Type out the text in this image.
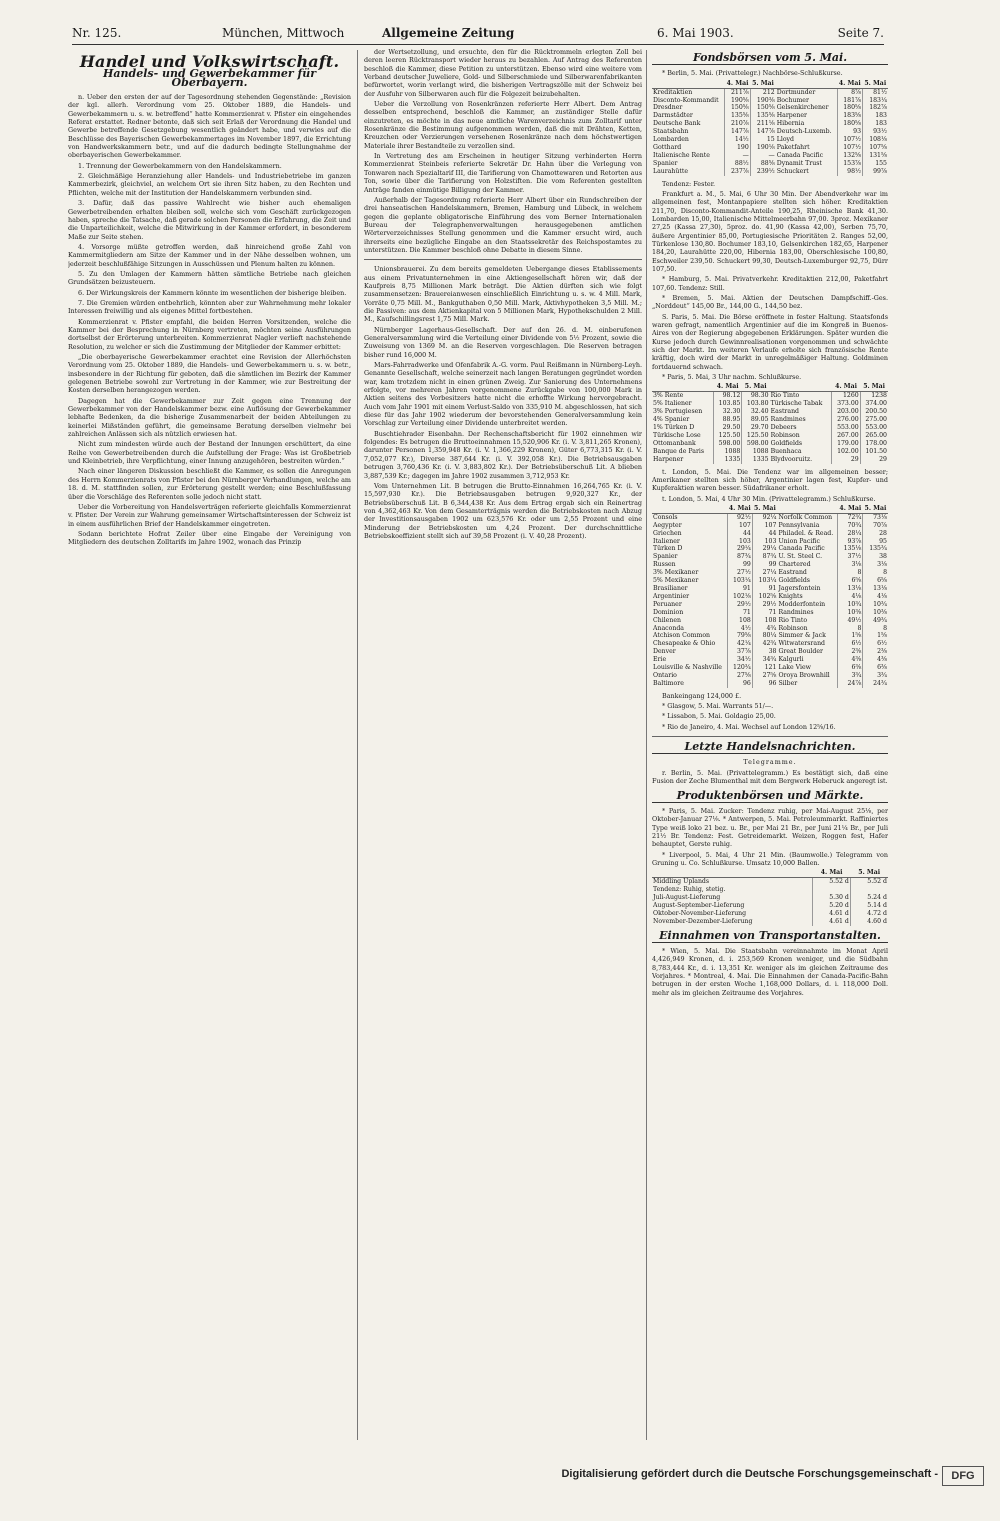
Nr. 125.	München, Mittwoch	Allgemeine Zeitung	6. Mai 1903.	Seite 7.
Handel und Volkswirtschaft.
Handels- und Gewerbekammer für Oberbayern.

n. Ueber den ersten der auf der Tagesordnung stehenden Gegenstände: „Revision der kgl. allerh. Verordnung vom 25. Oktober 1889, die Handels- und Gewerbekammern u. s. w. betreffend“ hatte Kommerzienrat v. Pfister ein eingehendes Referat erstattet. Redner betonte, daß sich seit Erlaß der Verordnung die Handel und Gewerbe betreffende Gesetzgebung wesentlich geändert habe, und verwies auf die Beschlüsse des Bayerischen Gewerbekammertages im November 1897, die Errichtung von Handwerkskammern betr., und auf die dadurch bedingte Stellungnahme der oberbayerischen Gewerbekammer.

1. Trennung der Gewerbekammern von den Handelskammern.

2. Gleichmäßige Heranziehung aller Handels- und Industriebetriebe im ganzen Kammerbezirk, gleichviel, an welchem Ort sie ihren Sitz haben, zu den Rechten und Pflichten, welche mit der Institution der Handelskammern verbunden sind.

3. Dafür, daß das passive Wahlrecht wie bisher auch ehemaligen Gewerbetreibenden erhalten bleiben soll, welche sich vom Geschäft zurückgezogen haben, spreche die Tatsache, daß gerade solchen Personen die Erfahrung, die Zeit und die Unparteilichkeit, welche die Mitwirkung in der Kammer erfordert, in besonderem Maße zur Seite stehen.

4. Vorsorge müßte getroffen werden, daß hinreichend große Zahl von Kammermitgliedern am Sitze der Kammer und in der Nähe desselben wohnen, um jederzeit beschlußfähige Sitzungen in Ausschüssen und Plenum halten zu können.

5. Zu den Umlagen der Kammern hätten sämtliche Betriebe nach gleichen Grundsätzen beizusteuern.

6. Der Wirkungskreis der Kammern könnte im wesentlichen der bisherige bleiben.

7. Die Gremien würden entbehrlich, könnten aber zur Wahrnehmung mehr lokaler Interessen freiwillig und als eigenes Mittel fortbestehen.

Kommerzienrat v. Pfister empfahl, die beiden Herren Vorsitzenden, welche die Kammer bei der Besprechung in Nürnberg vertreten, möchten seine Ausführungen dortselbst der Erörterung unterbreiten. Kommerzienrat Nagler verlieft nachstehende Resolution, zu welcher er sich die Zustimmung der Mitglieder der Kammer erbittet:

„Die oberbayerische Gewerbekammer erachtet eine Revision der Allerhöchsten Verordnung vom 25. Oktober 1889, die Handels- und Gewerbekammern u. s. w. betr., insbesondere in der Richtung für geboten, daß die sämtlichen im Bezirk der Kammer gelegenen Betriebe sowohl zur Vertretung in der Kammer, wie zur Bestreitung der Kosten derselben herangezogen werden.

Dagegen hat die Gewerbekammer zur Zeit gegen eine Trennung der Gewerbekammer von der Handelskammer bezw. eine Auflösung der Gewerbekammer lebhafte Bedenken, da die bisherige Zusammenarbeit der beiden Abteilungen zu keinerlei Mißständen geführt, die gemeinsame Beratung derselben vielmehr bei zahlreichen Anlässen sich als nützlich erwiesen hat.

Nicht zum mindesten würde auch der Bestand der Innungen erschüttert, da eine Reihe von Gewerbetreibenden durch die Aufstellung der Frage: Was ist Großbetrieb und Kleinbetrieb, ihre Verpflichtung, einer Innung anzugehören, bestreiten würden.“

Nach einer längeren Diskussion beschließt die Kammer, es sollen die Anregungen des Herrn Kommerzienrats von Pfister bei den Nürnberger Verhandlungen, welche am 18. d. M. stattfinden sollen, zur Erörterung gestellt werden; eine Beschlußfassung über die Vorschläge des Referenten solle jedoch nicht statt.

Ueber die Vorbereitung von Handelsverträgen referierte gleichfalls Kommerzienrat v. Pfister. Der Verein zur Wahrung gemeinsamer Wirtschaftsinteressen der Schweiz ist in einem ausführlichen Brief der Handelskammer eingetreten.

Sodann berichtete Hofrat Zeiler über eine Eingabe der Vereinigung von Mitgliedern des deutschen Zolltarifs im Jahre 1902, wonach das Prinzip

der Wertsetzollung, und ersuchte, den für die Rücktrommeln erlegten Zoll bei deren leeren Rücktransport wieder heraus zu bezahlen. Auf Antrag des Referenten beschloß die Kammer, diese Petition zu unterstützen. Ebenso wird eine weitere vom Verband deutscher Juweliere, Gold- und Silberschmiede und Silberwarenfabrikanten befürwortet, worin verlangt wird, die bisherigen Vertragszölle mit der Schweiz bei der Ausfuhr von Silberwaren auch für die Folgezeit beizubehalten.

Ueber die Verzollung von Rosenkränzen referierte Herr Albert. Dem Antrag desselben entsprechend, beschloß die Kammer, an zuständiger Stelle dafür einzutreten, es möchte in das neue amtliche Warenverzeichnis zum Zolltarif unter Rosenkränze die Bestimmung aufgenommen werden, daß die mit Drähten, Ketten, Kreuzchen oder Verzierungen versehenen Rosenkränze nach dem höchstwertigen Materiale ihrer Bestandteile zu verzollen sind.

In Vertretung des am Erscheinen in heutiger Sitzung verhinderten Herrn Kommerzienrat Steinbeis referierte Sekretär Dr. Hahn über die Verlegung von Tonwaren nach Spezialtarif III, die Tarifierung von Chamottewaren und Retorten aus Ton, sowie über die Tarifierung von Holzstiften. Die vom Referenten gestellten Anträge fanden einmütige Billigung der Kammer.

Außerhalb der Tagesordnung referierte Herr Albert über ein Rundschreiben der drei hanseatischen Handelskammern, Bremen, Hamburg und Lübeck, in welchem gegen die geplante obligatorische Einführung des vom Berner Internationalen Bureau der Telegraphenverwaltungen herausgegebenen amtlichen Wörterverzeichnisses Stellung genommen und die Kammer ersucht wird, auch ihrerseits eine bezügliche Eingabe an den Staatssekretär des Reichspostamtes zu unterstützen. Die Kammer beschloß ohne Debatte in diesem Sinne.

Unionsbrauerei. Zu dem bereits gemeldeten Uebergange dieses Etablissements aus einem Privatunternehmen in eine Aktiengesellschaft hören wir, daß der Kaufpreis 8,75 Millionen Mark beträgt. Die Aktien dürften sich wie folgt zusammensetzen: Brauereianwesen einschließlich Einrichtung u. s. w. 4 Mill. Mark, Vorräte 0,75 Mill. M., Bankguthaben 0,50 Mill. Mark, Aktivhypotheken 3,5 Mill. M.; die Passiven: aus dem Aktienkapital von 5 Millionen Mark, Hypothekschulden 2 Mill. M., Kaufschillingsrest 1,75 Mill. Mark.

Nürnberger Lagerhaus-Gesellschaft. Der auf den 26. d. M. einberufenen Generalversammlung wird die Verteilung einer Dividende von 5½ Prozent, sowie die Zuweisung von 1369 M. an die Reserven vorgeschlagen. Die Reserven betragen bisher rund 16,000 M.

Mars-Fahrradwerke und Ofenfabrik A.-G. vorm. Paul Reißmann in Nürnberg-Leyh. Genannte Gesellschaft, welche seinerzeit nach langen Beratungen gegründet worden war, kam trotzdem nicht in einen grünen Zweig. Zur Sanierung des Unternehmens erfolgte, vor mehreren Jahren vorgenommene Zurückgabe von 100,000 Mark in Aktien seitens des Vorbesitzers hatte nicht die erhoffte Wirkung hervorgebracht. Auch vom Jahr 1901 mit einem Verlust-Saldo von 335,910 M. abgeschlossen, hat sich diese für das Jahr 1902 wiederum der bevorstehenden Generalversammlung kein Vorschlag zur Verteilung einer Dividende unterbreitet werden.

Buschtiehrader Eisenbahn. Der Rechenschaftsbericht für 1902 einnehmen wir folgendes: Es betrugen die Bruttoeinnahmen 15,520,906 Kr. (i. V. 3,811,265 Kronen), darunter Personen 1,359,948 Kr. (i. V. 1,366,229 Kronen), Güter 6,773,315 Kr. (i. V. 7,052,077 Kr.), Diverse 387,644 Kr. (i. V. 392,058 Kr.). Die Betriebsausgaben betrugen 3,760,436 Kr. (i. V. 3,883,802 Kr.). Der Betriebsüberschuß Lit. A blieben 3,887,539 Kr.; dagegen im Jahre 1902 zusammen 3,712,953 Kr.

Vom Unternehmen Lit. B betrugen die Brutto-Einnahmen 16,264,765 Kr. (i. V. 15,597,930 Kr.). Die Betriebsausgaben betrugen 9,920,327 Kr., der Betriebsüberschuß Lit. B 6,344,438 Kr. Aus dem Ertrag ergab sich ein Reinertrag von 4,362,463 Kr. Von dem Gesamterträgnis werden die Betriebskosten nach Abzug der Investitionsausgaben 1902 um 623,576 Kr. oder um 2,55 Prozent und eine Minderung der Betriebskosten um 4,24 Prozent. Der durchschnittliche Betriebskoeffizient stellt sich auf 39,58 Prozent (i. V. 40,28 Prozent).

Fondsbörsen vom 5. Mai.

* Berlin, 5. Mai. (Privattelegr.) Nachbörse-Schlußkurse.

	4. Mai	5. Mai		4. Mai	5. Mai
Kreditaktien	211⅞	212	Dortmunder	8⅞	81½
Disconto-Kommandit	190⅝	190⅜	Bochumer	181⅞	183¼
Dresdner	150⅝	150⅝	Gelsenkirchener	180⅝	182⅞
Darmstädter	135⅝	135⅝	Harpener	183⅝	183
Deutsche Bank	210⅞	211⅛	Hibernia	180⅝	183
Staatsbahn	147⅞	147⅞	Deutsch-Luxemb.	93	93½
Lombarden	14½	15	Lloyd	107½	108⅛
Gotthard	190	190⅛	Paketfahrt	107½	107⅝
Italienische Rente	—	—	Canada Pacific	132⅝	131⅝
Spanier	88½	88⅝	Dynamit Trust	153⅞	155
Laurahütte	237⅞	239½	Schuckert	98½	99⅞

Tendenz: Fester.

Frankfurt a. M., 5. Mai, 6 Uhr 30 Min. Der Abendverkehr war im allgemeinen fest, Montanpapiere stellten sich höher. Kreditaktien 211,70, Disconto-Kommandit-Anteile 190,25, Rheinische Bank 41,30. Lombarden 15,00, Italienische Mittelmeerbahn 97,00. 3proz. Mexikaner 27,25 (Kassa 27,30), 5proz. do. 41,90 (Kassa 42,00), Serben 75,70, äußere Argentinier 85,00, Portugiesische Prioritäten 2. Ranges 52,00, Türkenlose 130,80. Bochumer 183,10, Gelsenkirchen 182,65, Harpener 184,20, Laurahütte 220,00, Hibernia 183,00, Oberschlesische 100,80, Eschweiler 239,50. Schuckert 99,30, Deutsch-Luxemburger 92,75, Dürr 107,50.

* Hamburg, 5. Mai. Privatverkehr. Kreditaktien 212,00, Paketfahrt 107,60. Tendenz: Still.

* Bremen, 5. Mai. Aktien der Deutschen Dampfschiff.-Ges. „Norddeut“ 145,00 Br., 144,00 G., 144,50 bez.

S. Paris, 5. Mai. Die Börse eröffnete in fester Haltung. Staatsfonds waren gefragt, namentlich Argentinier auf die im Kongreß in Buenos-Aires von der Regierung abgegebenen Erklärungen. Später wurden die Kurse jedoch durch Gewinnrealisationen vorgenommen und schwächte sich der Markt. Im weiteren Verlaufe erholte sich französische Rente kräftig, doch wird der Markt in unregelmäßiger Haltung. Goldminen fortdauernd schwach.

* Paris, 5. Mai, 3 Uhr nachm. Schlußkurse.

	4. Mai	5. Mai		4. Mai	5. Mai
3% Rente	98.12	98.30	Rio Tinto	1260	1238
5% Italiener	103.85	103.80	Türkische Tabak	373.00	374.00
3% Portugiesen	32.30	32.40	Eastrand	203.00	200.50
4% Spanier	88.95	89.05	Randmines	276.00	275.00
1% Türken D	29.50	29.70	Debeers	553.00	553.00
Türkische Lose	125.50	125.50	Robinson	267.00	265.00
Ottomanbank	598.00	598.00	Goldfields	179.00	178.00
Banque de Paris	1088	1088	Buenhaca	102.00	101.50
Harpener	1335	1335	Blydvooruitz.	29	29

t. London, 5. Mai. Die Tendenz war im allgemeinen besser; Amerikaner stellten sich höher, Argentinier lagen fest, Kupfer- und Kupferaktien waren besser. Südafrikaner erholt.

t. London, 5. Mai, 4 Uhr 30 Min. (Privattelegramm.) Schlußkurse.

	4. Mai	5. Mai		4. Mai	5. Mai
Consols	92½	92¼	Norfolk Common	72¾	73⅛
Aegypter	107	107	Pennsylvania	70¾	70⅞
Griechen	44	44	Philadel. & Read.	28¼	28
Italiener	103	103	Union Pacific	93⅞	95
Türken D	29¼	29¼	Canada Pacific	135⅛	135¾
Spanier	87¾	87¾	U. St. Steel C.	37½	38
Russen	99	99	Chartered	3⅛	3⅛
3% Mexikaner	27½	27¼	Eastrand	8	8
5% Mexikaner	103¼	103¼	Goldfields	6⅝	6⅝
Brasilianer	91	91	Jagersfontein	13⅛	13⅛
Argentinier	102⅛	102⅝	Knights	4⅛	4⅛
Peruaner	29½	29½	Modderfontein	10¾	10¾
Dominion	71	71	Randmines	10⅜	10⅜
Chilenen	108	108	Rio Tinto	49½	49¾
Anaconda	4½	4¾	Robinson	8	8
Atchison Common	79⅝	80¼	Simmer & Jack	1⅝	1⅝
Chesapeake & Ohio	42¼	42¾	Witwatersrand	6½	6½
Denver	37⅞	38	Great Boulder	2⅜	2⅜
Erie	34½	34¾	Kalgurli	4⅜	4⅜
Louisville & Nashville	120¾	121	Lake View	6⅜	6⅜
Ontario	27⅝	27⅝	Oroya Brownhill	3¾	3¾
Baltimore	96	96	Silber	24⅞	24¾

Bankeingang 124,000 £.

* Glasgow, 5. Mai. Warrants 51/—.

* Lissabon, 5. Mai. Goldagio 25,00.

* Rio de Janeiro, 4. Mai. Wechsel auf London 12⅝/16.

Letzte Handelsnachrichten.

Telegramme.

r. Berlin, 5. Mai. (Privattelegramm.) Es bestätigt sich, daß eine Fusion der Zeche Blumenthal mit dem Bergwerk Heberuck angeregt ist.

Produktenbörsen und Märkte.

* Paris, 5. Mai. Zucker: Tendenz ruhig, per Mai-August 25⅛, per Oktober-Januar 27⅛. * Antwerpen, 5. Mai. Petroleummarkt. Raffiniertes Type weiß loko 21 bez. u. Br., per Mai 21 Br., per Juni 21¼ Br., per Juli 21½ Br. Tendenz: Fest. Getreidemarkt. Weizen, Roggen fest, Hafer behauptet, Gerste ruhig.

* Liverpool, 5. Mai, 4 Uhr 21 Min. (Baumwolle.) Telegramm von Gruning u. Co. Schlußkurse. Umsatz 10,000 Ballen.

	4. Mai	5. Mai
Middling Uplands	5.52 d	5.52 d
Tendenz: Ruhig, stetig.		
Juli-August-Lieferung	5.30 d	5.24 d
August-September-Lieferung	5.20 d	5.14 d
Oktober-November-Lieferung	4.61 d	4.72 d
November-Dezember-Lieferung	4.61 d	4.60 d
Einnahmen von Transportanstalten.

* Wien, 5. Mai. Die Staatsbahn vereinnahmte im Monat April 4,426,949 Kronen, d. i. 253,569 Kronen weniger, und die Südbahn 8,783,444 Kr., d. i. 13,351 Kr. weniger als im gleichen Zeitraume des Vorjahres. * Montreal, 4. Mai. Die Einnahmen der Canada-Pacific-Bahn betrugen in der ersten Woche 1,168,000 Dollars, d. i. 118,000 Doll. mehr als im gleichen Zeitraume des Vorjahres.

Digitalisierung gefördert durch die Deutsche Forschungsgemeinschaft -	DFG
